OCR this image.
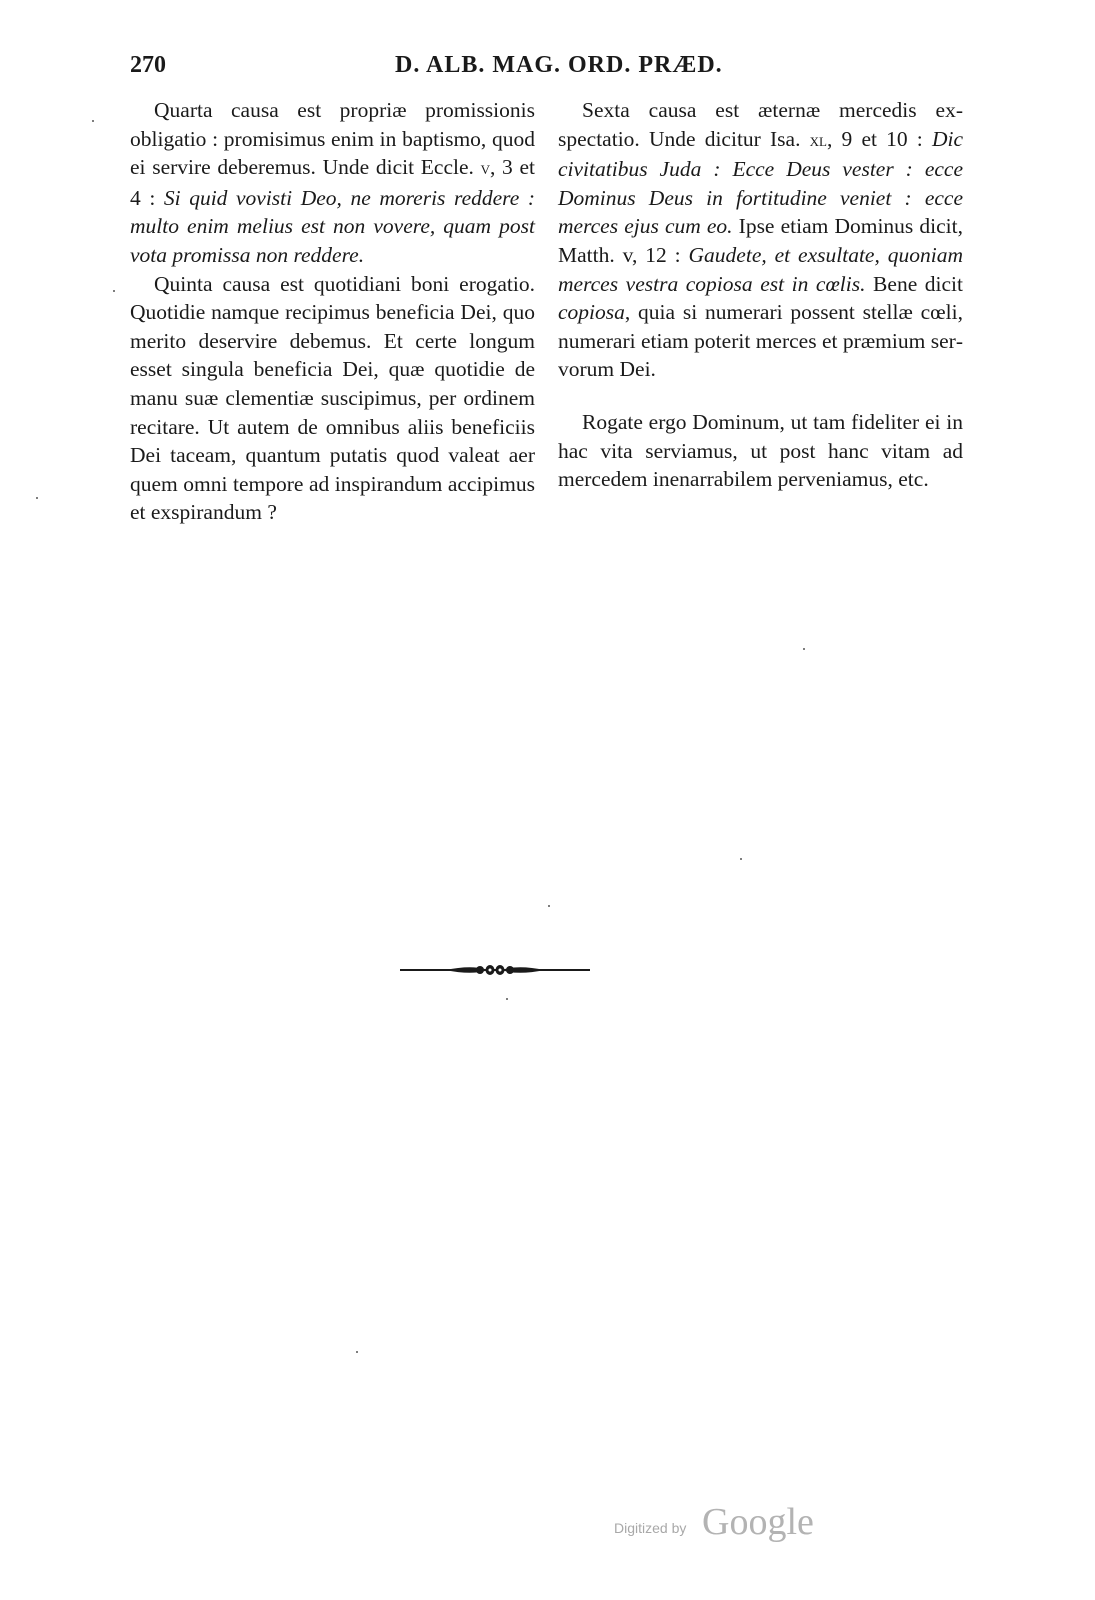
270	D. ALB. MAG. ORD. PRÆD.

Quarta causa est propriæ promissionis obligatio : promisimus enim in baptismo, quod ei servire deberemus. Unde dicit Eccle. v, 3 et 4 : Si quid vovisti Deo, ne moreris reddere : multo enim melius est non vovere, quam post vota promissa non reddere.

Quinta causa est quotidiani boni erogatio. Quotidie namque recipimus beneficia Dei, quo merito deservire debemus. Et certe longum esset singula beneficia Dei, quæ quotidie de manu suæ clementiæ suscipimus, per ordinem recitare. Ut autem de omnibus aliis beneficiis Dei taceam, quantum putatis quod valeat aer quem omni tempore ad inspirandum accipimus et exspirandum ?

Sexta causa est æternæ mercedis exspectatio. Unde dicitur Isa. xl, 9 et 10 : Dic civitatibus Juda : Ecce Deus vester : ecce Dominus Deus in fortitudine veniet : ecce merces ejus cum eo. Ipse etiam Dominus dicit, Matth. v, 12 : Gaudete, et exsultate, quoniam merces vestra copiosa est in cœlis. Bene dicit copiosa, quia si numerari possent stellæ cœli, numerari etiam poterit merces et præmium servorum Dei.

Rogate ergo Dominum, ut tam fideliter ei in hac vita serviamus, ut post hanc vitam ad mercedem inenarrabilem perveniamus, etc.

Digitized by Google
